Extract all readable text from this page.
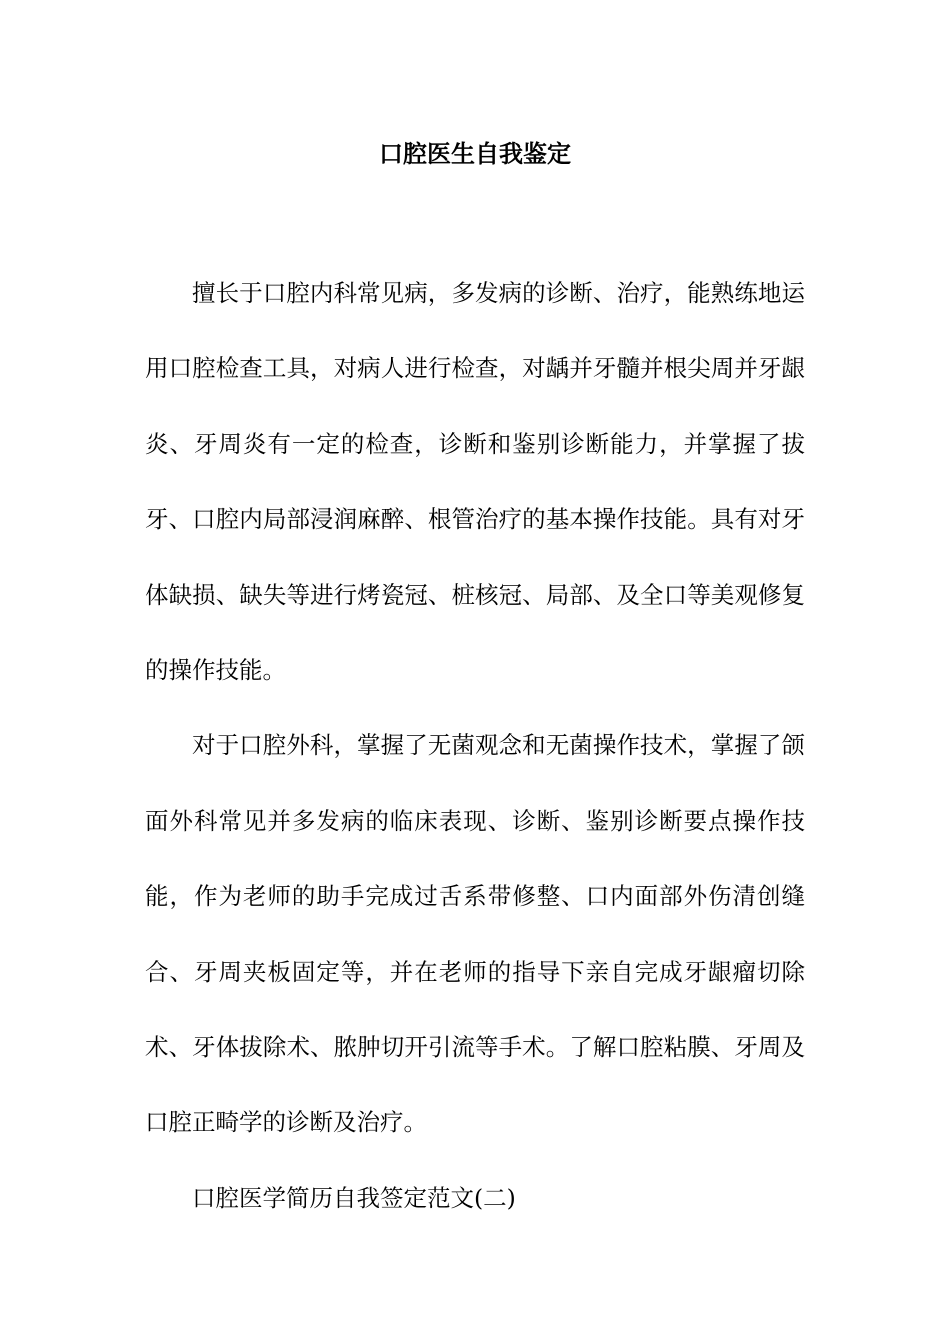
口腔医生自我鉴定

擅长于口腔内科常见病，多发病的诊断、治疗，能熟练地运用口腔检查工具，对病人进行检查，对龋并牙髓并根尖周并牙龈炎、牙周炎有一定的检查，诊断和鉴别诊断能力，并掌握了拔牙、口腔内局部浸润麻醉、根管治疗的基本操作技能。具有对牙体缺损、缺失等进行烤瓷冠、桩核冠、局部、及全口等美观修复的操作技能。

对于口腔外科，掌握了无菌观念和无菌操作技术，掌握了颌面外科常见并多发病的临床表现、诊断、鉴别诊断要点操作技能，作为老师的助手完成过舌系带修整、口内面部外伤清创缝合、牙周夹板固定等，并在老师的指导下亲自完成牙龈瘤切除术、牙体拔除术、脓肿切开引流等手术。了解口腔粘膜、牙周及口腔正畸学的诊断及治疗。

口腔医学简历自我签定范文(二)
